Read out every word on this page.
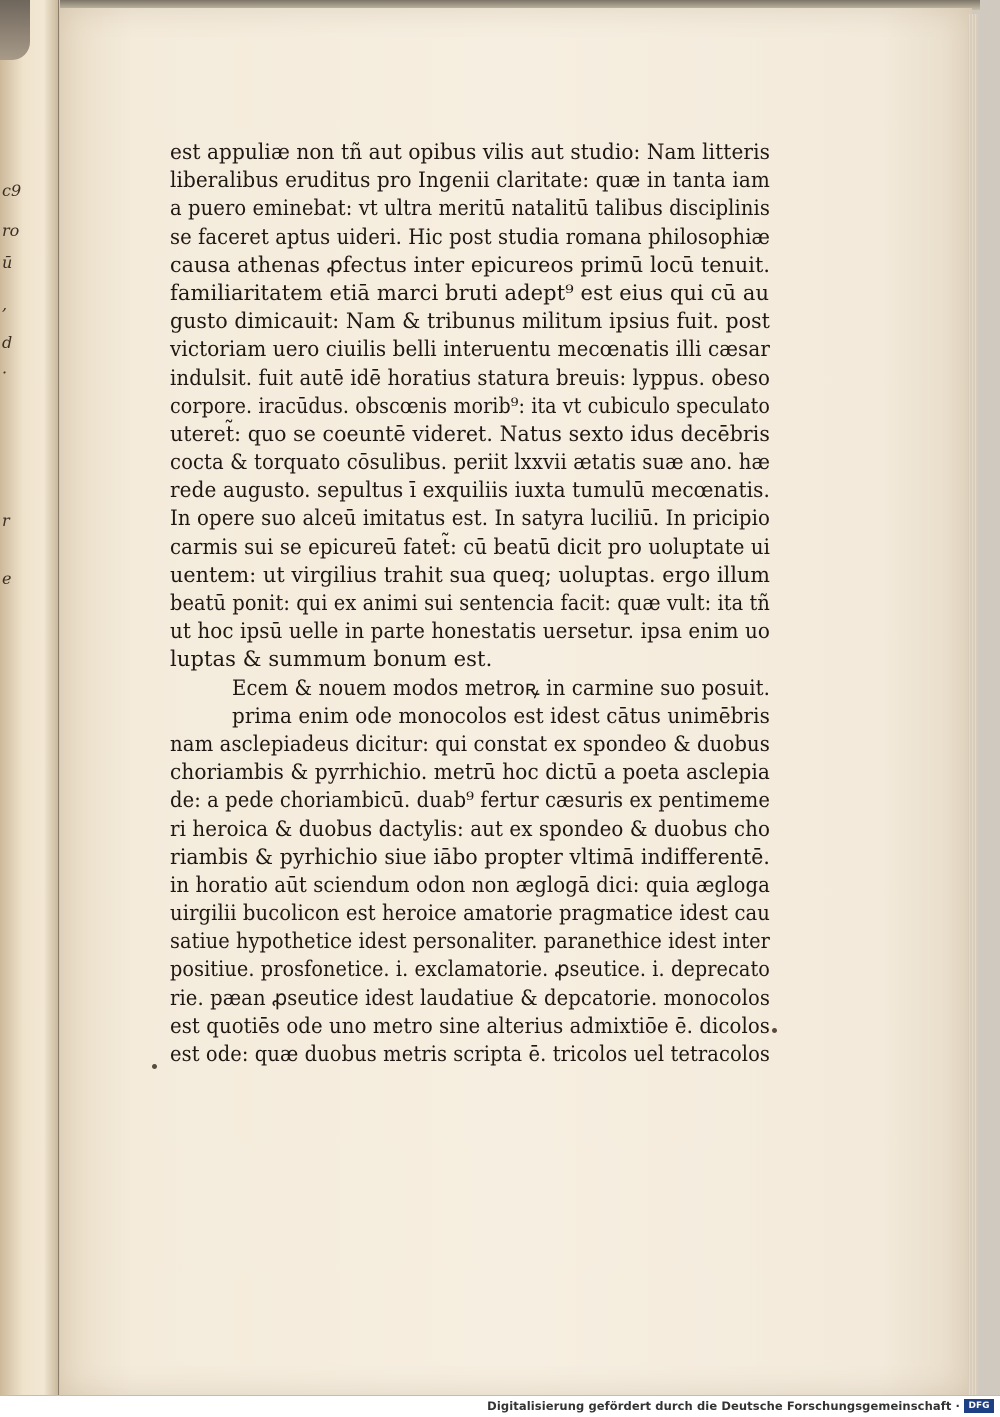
c9
ro
ū
,
d
·
r
e
est appuliæ non tñ aut opibus vilis aut studio: Nam litteris
liberalibus eruditus pro Ingenii claritate: quæ in tanta iam
a puero eminebat: vt ultra meritū natalitū talibus disciplinis
se faceret aptus uideri. Hic post studia romana philosophiæ
causa athenas ꝓfectus inter epicureos primū locū tenuit.
familiaritatem etiā marci bruti adept⁹ est eius qui cū au
gusto dimicauit: Nam & tribunus militum ipsius fuit. post
victoriam uero ciuilis belli interuentu mecœnatis illi cæsar
indulsit. fuit autē idē horatius statura breuis: lyppus. obeso
corpore. iracūdus. obscœnis morib⁹: ita vt cubiculo speculato
uteret̃: quo se coeuntē videret. Natus sexto idus decēbris
cocta & torquato cōsulibus. periit lxxvii ætatis suæ ano. hæ
rede augusto. sepultus ī exquiliis iuxta tumulū mecœnatis.
In opere suo alceū imitatus est. In satyra luciliū. In pricipio
carmis sui se epicureū fatet̃: cū beatū dicit pro uoluptate ui
uentem: ut virgilius trahit sua queq; uoluptas. ergo illum
beatū ponit: qui ex animi sui sentencia facit: quæ vult: ita tñ
ut hoc ipsū uelle in parte honestatis uersetur. ipsa enim uo
luptas & summum bonum est.
Ecem & nouem modos metroꝶ in carmine suo posuit.
prima enim ode monocolos est idest cātus unimēbris
nam asclepiadeus dicitur: qui constat ex spondeo & duobus
choriambis & pyrrhichio. metrū hoc dictū a poeta asclepia
de: a pede choriambicū. duab⁹ fertur cæsuris ex pentimeme
ri heroica & duobus dactylis: aut ex spondeo & duobus cho
riambis & pyrhichio siue iābo propter vltimā indifferentē.
in horatio aūt sciendum odon non æglogā dici: quia ægloga
uirgilii bucolicon est heroice amatorie pragmatice idest cau
satiue hypothetice idest personaliter. paranethice idest inter
positiue. prosfonetice. i. exclamatorie. ꝓseutice. i. deprecato
rie. pæan ꝓseutice idest laudatiue & depcatorie. monocolos
est quotiēs ode uno metro sine alterius admixtiōe ē. dicolos
est ode: quæ duobus metris scripta ē. tricolos uel tetracolos
Digitalisierung gefördert durch die Deutsche Forschungsgemeinschaft · DFG
